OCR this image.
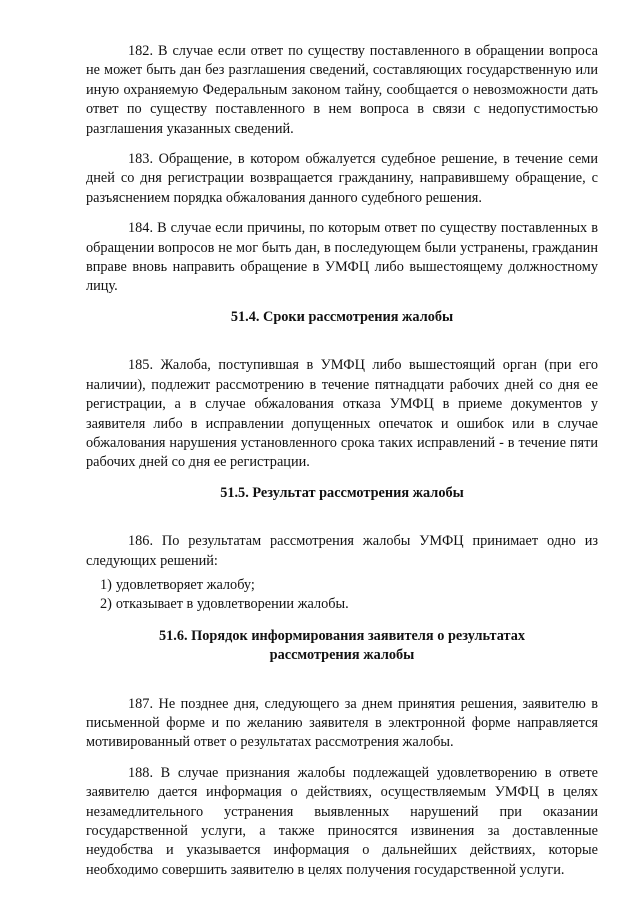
182. В случае если ответ по существу поставленного в обращении вопроса не может быть дан без разглашения сведений, составляющих государственную или иную охраняемую Федеральным законом тайну, сообщается о невозможности дать ответ по существу поставленного в нем вопроса в связи с недопустимостью разглашения указанных сведений.

183. Обращение, в котором обжалуется судебное решение, в течение семи дней со дня регистрации возвращается гражданину, направившему обращение, с разъяснением порядка обжалования данного судебного решения.

184. В случае если причины, по которым ответ по существу поставленных в обращении вопросов не мог быть дан, в последующем были устранены, гражданин вправе вновь направить обращение в УМФЦ либо вышестоящему должностному лицу.

51.4. Сроки рассмотрения жалобы

185. Жалоба, поступившая в УМФЦ либо вышестоящий орган (при его наличии), подлежит рассмотрению в течение пятнадцати рабочих дней со дня ее регистрации, а в случае обжалования отказа УМФЦ в приеме документов у заявителя либо в исправлении допущенных опечаток и ошибок или в случае обжалования нарушения установленного срока таких исправлений - в течение пяти рабочих дней со дня ее регистрации.

51.5. Результат рассмотрения жалобы

186. По результатам рассмотрения жалобы УМФЦ принимает одно из следующих решений:

1) удовлетворяет жалобу;
2) отказывает в удовлетворении жалобы.
51.6. Порядок информирования заявителя о результатах
рассмотрения жалобы

187. Не позднее дня, следующего за днем принятия решения, заявителю в письменной форме и по желанию заявителя в электронной форме направляется мотивированный ответ о результатах рассмотрения жалобы.

188. В случае признания жалобы подлежащей удовлетворению в ответе заявителю дается информация о действиях, осуществляемым УМФЦ в целях незамедлительного устранения выявленных нарушений при оказании государственной услуги, а также приносятся извинения за доставленные неудобства и указывается информация о дальнейших действиях, которые необходимо совершить заявителю в целях получения государственной услуги.
